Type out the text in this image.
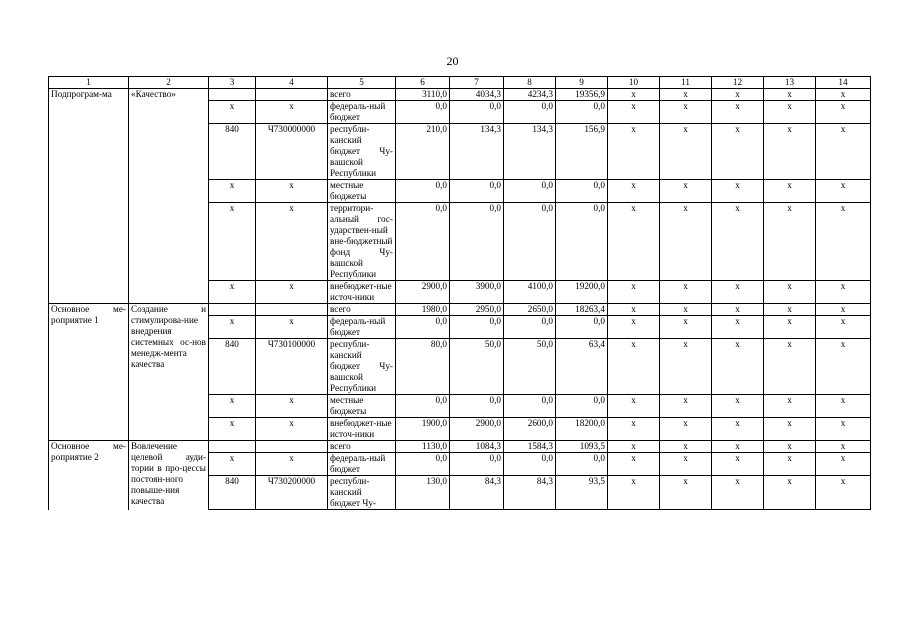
20
1	2	3	4	5	6	7	8	9	10	11	12	13	14
Подпрограм-ма	«Качество»			всего	3110,0	4034,3	4234,3	19356,9	x	x	x	x	x
		x	x	федераль-ный бюджет	0,0	0,0	0,0	0,0	x	x	x	x	x
		840	Ч730000000	республи-канский бюджет Чу-вашской Республики	210,0	134,3	134,3	156,9	x	x	x	x	x
		x	x	местные бюджеты	0,0	0,0	0,0	0,0	x	x	x	x	x
		x	x	территори-альный гос-ударствен-ный вне-бюджетный фонд Чу-вашской Республики	0,0	0,0	0,0	0,0	x	x	x	x	x
		x	x	внебюджет-ные источ-ники	2900,0	3900,0	4100,0	19200,0	x	x	x	x	x
Основное ме-роприятие 1	Создание и стимулирова-ние внедрения системных ос-нов менедж-мента качества			всего	1980,0	2950,0	2650,0	18263,4	x	x	x	x	x
		x	x	федераль-ный бюджет	0,0	0,0	0,0	0,0	x	x	x	x	x
		840	Ч730100000	республи-канский бюджет Чу-вашской Республики	80,0	50,0	50,0	63,4	x	x	x	x	x
		x	x	местные бюджеты	0,0	0,0	0,0	0,0	x	x	x	x	x
		x	x	внебюджет-ные источ-ники	1900,0	2900,0	2600,0	18200,0	x	x	x	x	x
Основное ме-роприятие 2	Вовлечение целевой ауди-тории в про-цессы постоян-ного повыше-ния качества			всего	1130,0	1084,3	1584,3	1093,5	x	x	x	x	x
		x	x	федераль-ный бюджет	0,0	0,0	0,0	0,0	x	x	x	x	x
		840	Ч730200000	республи-канский бюджет Чу-	130,0	84,3	84,3	93,5	x	x	x	x	x
